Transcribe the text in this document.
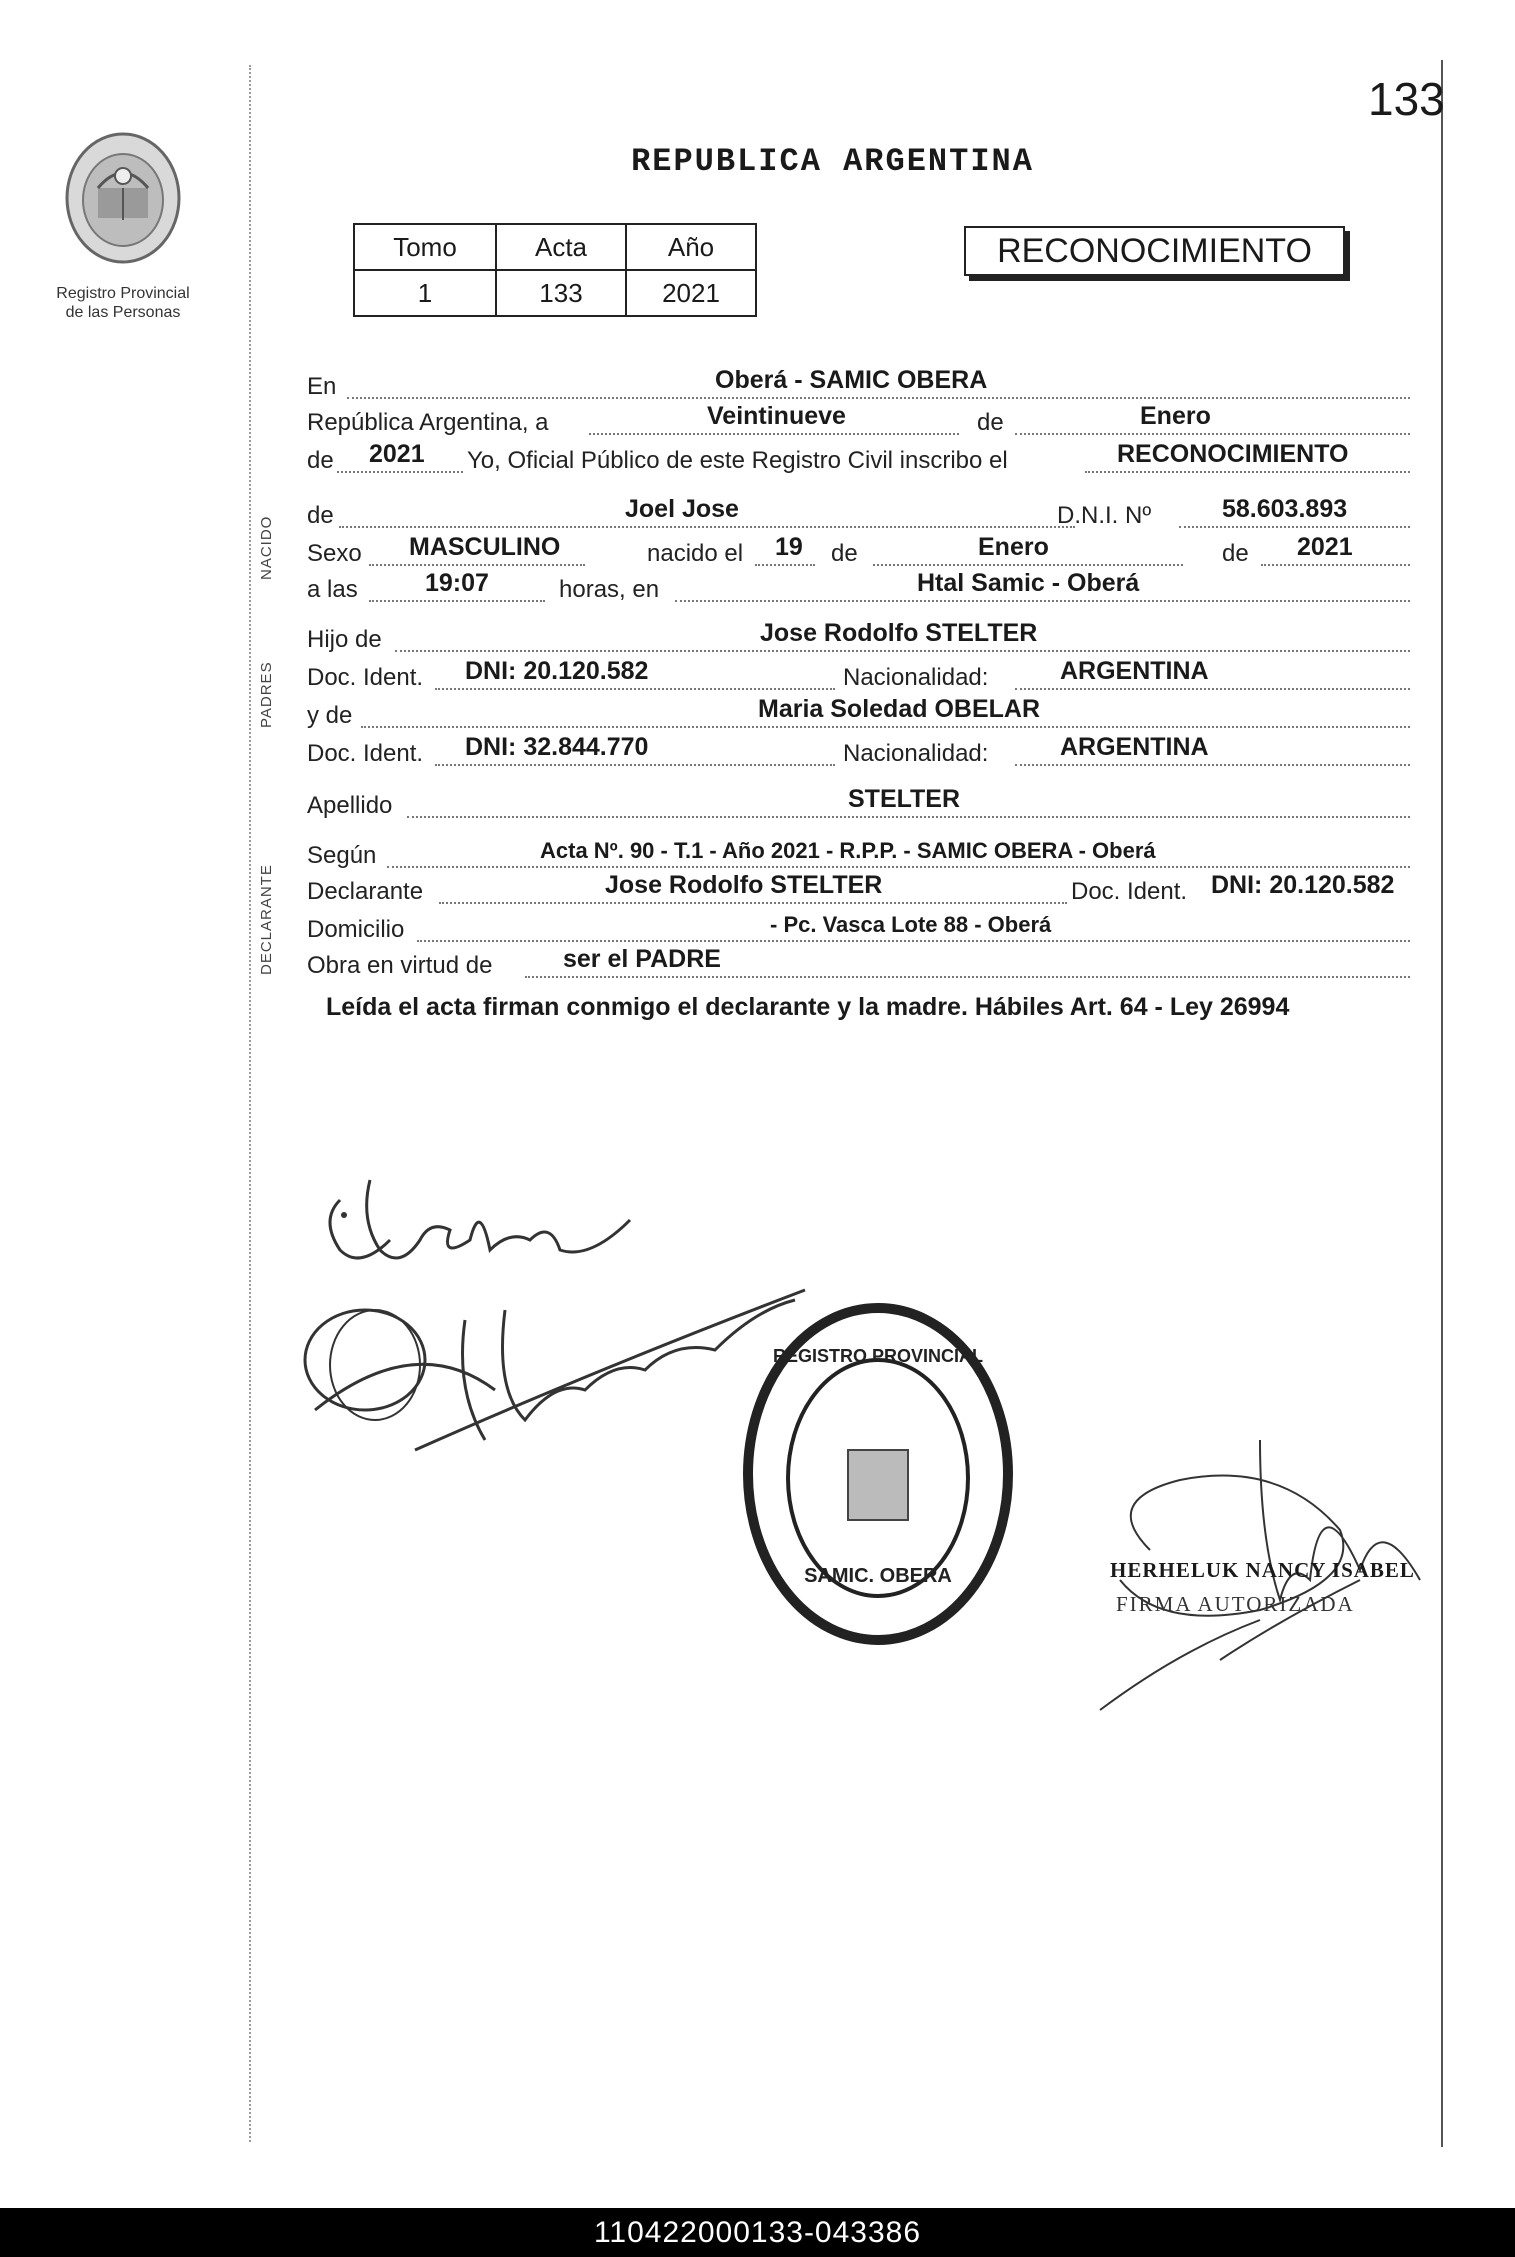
133
Registro Provincial
de las Personas
REPUBLICA ARGENTINA
Tomo	Acta	Año
1	133	2021
RECONOCIMIENTO
NACIDO
PADRES
DECLARANTE
En	Oberá - SAMIC OBERA
República Argentina, a	Veintinueve	de	Enero
de 2021 Yo, Oficial Público de este Registro Civil inscribo el	RECONOCIMIENTO
de	Joel Jose	D.N.I. Nº	58.603.893
Sexo MASCULINO	nacido el 19 de	Enero	de 2021
a las	19:07	horas, en	Htal Samic - Oberá
Hijo de	Jose Rodolfo STELTER
Doc. Ident. DNI: 20.120.582	Nacionalidad:	ARGENTINA
y de	Maria Soledad OBELAR
Doc. Ident. DNI: 32.844.770	Nacionalidad:	ARGENTINA
Apellido	STELTER
Según	Acta Nº. 90 - T.1 - Año 2021 - R.P.P. - SAMIC OBERA - Oberá
Declarante	Jose Rodolfo STELTER	Doc. Ident. DNI: 20.120.582
Domicilio	- Pc. Vasca Lote 88 - Oberá
Obra en virtud de	ser el PADRE
Leída el acta firman conmigo el declarante y la madre. Hábiles Art. 64 - Ley 26994
REGISTRO PROVINCIAL
SAMIC. OBERA	HERHELUK NANCY ISABEL
FIRMA AUTORIZADA
110422000133-043386
